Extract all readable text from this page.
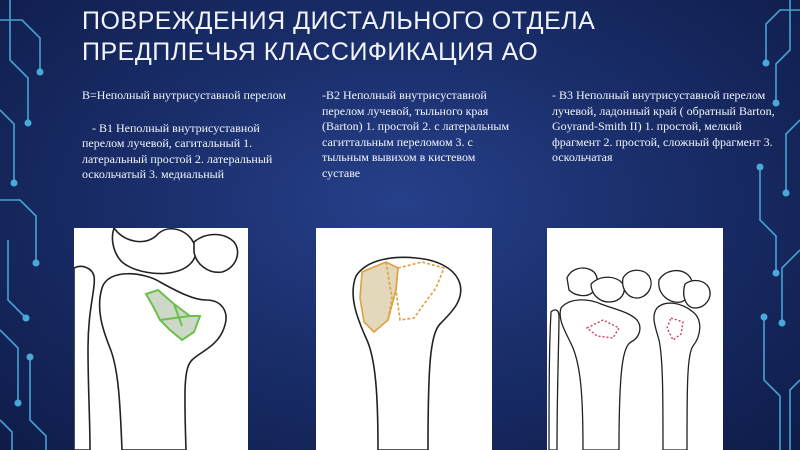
ПОВРЕЖДЕНИЯ ДИСТАЛЬНОГО ОТДЕЛА
ПРЕДПЛЕЧЬЯ КЛАССИФИКАЦИЯ АО

В=Неполный внутрисуставной перелом

- В1 Неполный внутрисуставной перелом лучевой, сагитальный 1. латеральный простой 2. латеральный оскольчатый 3. медиальный

-В2 Неполный внутрисуставной перелом лучевой, тыльного края (Barton) 1. простой 2. с латеральным сагиттальным переломом 3. с тыльным вывихом в кистевом суставе

- В3 Неполный внутрисуставной перелом лучевой, ладонный край ( обратный Barton, Goyrand-Smith II) 1. простой, мелкий фрагмент 2. простой, сложный фрагмент 3. оскольчатая
